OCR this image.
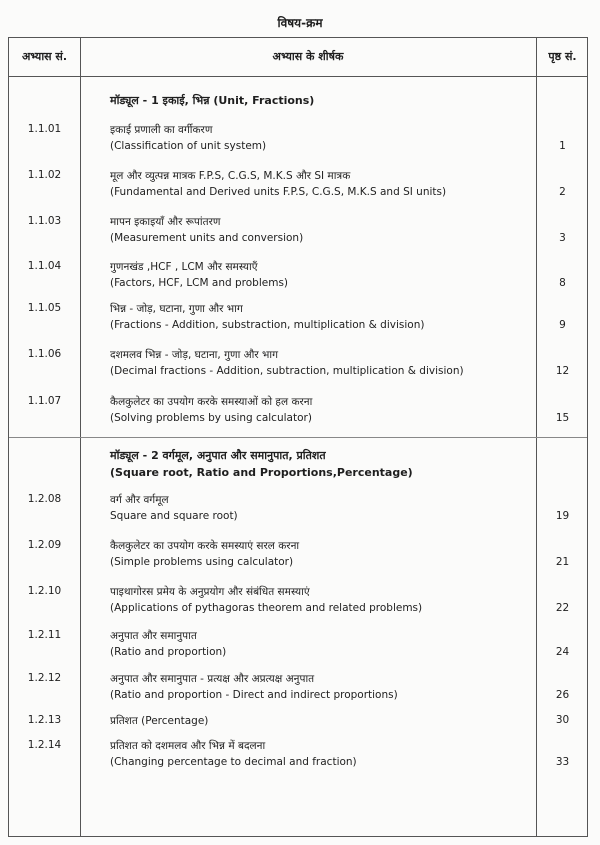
विषय-क्रम
अभ्यास सं.	अभ्यास के शीर्षक	पृष्ठ सं.
मॉड्यूल - 1 इकाई, भिन्न (Unit, Fractions)
1.1.01	इकाई प्रणाली का वर्गीकरण
(Classification of unit system)	1
1.1.02	मूल और व्युत्पन्न मात्रक F.P.S, C.G.S, M.K.S और SI मात्रक
(Fundamental and Derived units F.P.S, C.G.S, M.K.S and SI units)	2
1.1.03	मापन इकाइयाँ और रूपांतरण
(Measurement units and conversion)	3
1.1.04	गुणनखंड ,HCF , LCM और समस्याएँ
(Factors, HCF, LCM and problems)	8
1.1.05	भिन्न - जोड़, घटाना, गुणा और भाग
(Fractions - Addition, substraction, multiplication & division)	9
1.1.06	दशमलव भिन्न - जोड़, घटाना, गुणा और भाग
(Decimal fractions - Addition, subtraction, multiplication & division)	12
1.1.07	कैलकुलेटर का उपयोग करके समस्याओं को हल करना
(Solving problems by using calculator)	15
मॉड्यूल - 2 वर्गमूल, अनुपात और समानुपात, प्रतिशत
(Square root, Ratio and Proportions,Percentage)
1.2.08	वर्ग और वर्गमूल
Square and square root)	19
1.2.09	कैलकुलेटर का उपयोग करके समस्याएं सरल करना
(Simple problems using calculator)	21
1.2.10	पाइथागोरस प्रमेय के अनुप्रयोग और संबंधित समस्याएं
(Applications of pythagoras theorem and related problems)	22
1.2.11	अनुपात और समानुपात
(Ratio and proportion)	24
1.2.12	अनुपात और समानुपात - प्रत्यक्ष और अप्रत्यक्ष अनुपात
(Ratio and proportion - Direct and indirect proportions)	26
1.2.13	प्रतिशत (Percentage)	30
1.2.14	प्रतिशत को दशमलव और भिन्न में बदलना
(Changing percentage to decimal and fraction)	33
